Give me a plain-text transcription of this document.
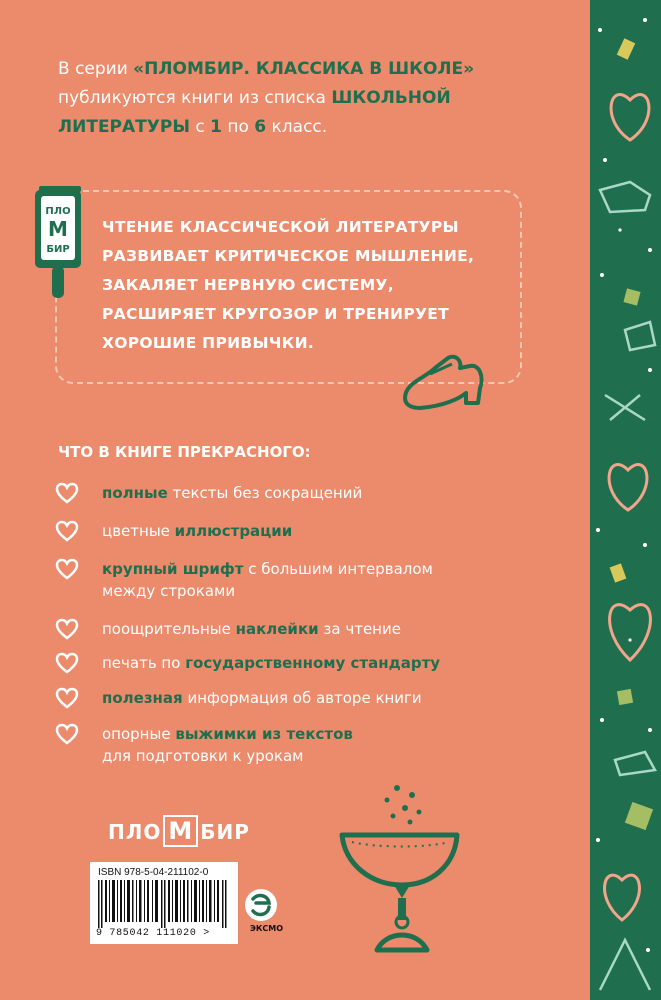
В серии «ПЛОМБИР. КЛАССИКА В ШКОЛЕ»
публикуются книги из списка ШКОЛЬНОЙ
ЛИТЕРАТУРЫ с 1 по 6 класс.
ПЛО
М
БИР
ЧТЕНИЕ КЛАССИЧЕСКОЙ ЛИТЕРАТУРЫ
РАЗВИВАЕТ КРИТИЧЕСКОЕ МЫШЛЕНИЕ,
ЗАКАЛЯЕТ НЕРВНУЮ СИСТЕМУ,
РАСШИРЯЕТ КРУГОЗОР И ТРЕНИРУЕТ
ХОРОШИЕ ПРИВЫЧКИ.
ЧТО В КНИГЕ ПРЕКРАСНОГО:
полные тексты без сокращений
цветные иллюстрации
крупный шрифт с большим интервалом
между строками
поощрительные наклейки за чтение
печать по государственному стандарту
полезная информация об авторе книги
опорные выжимки из текстов
для подготовки к урокам
ПЛО М БИР
ISBN 978-5-04-211102-0
9 785042 111020 >	ЭКСМО
